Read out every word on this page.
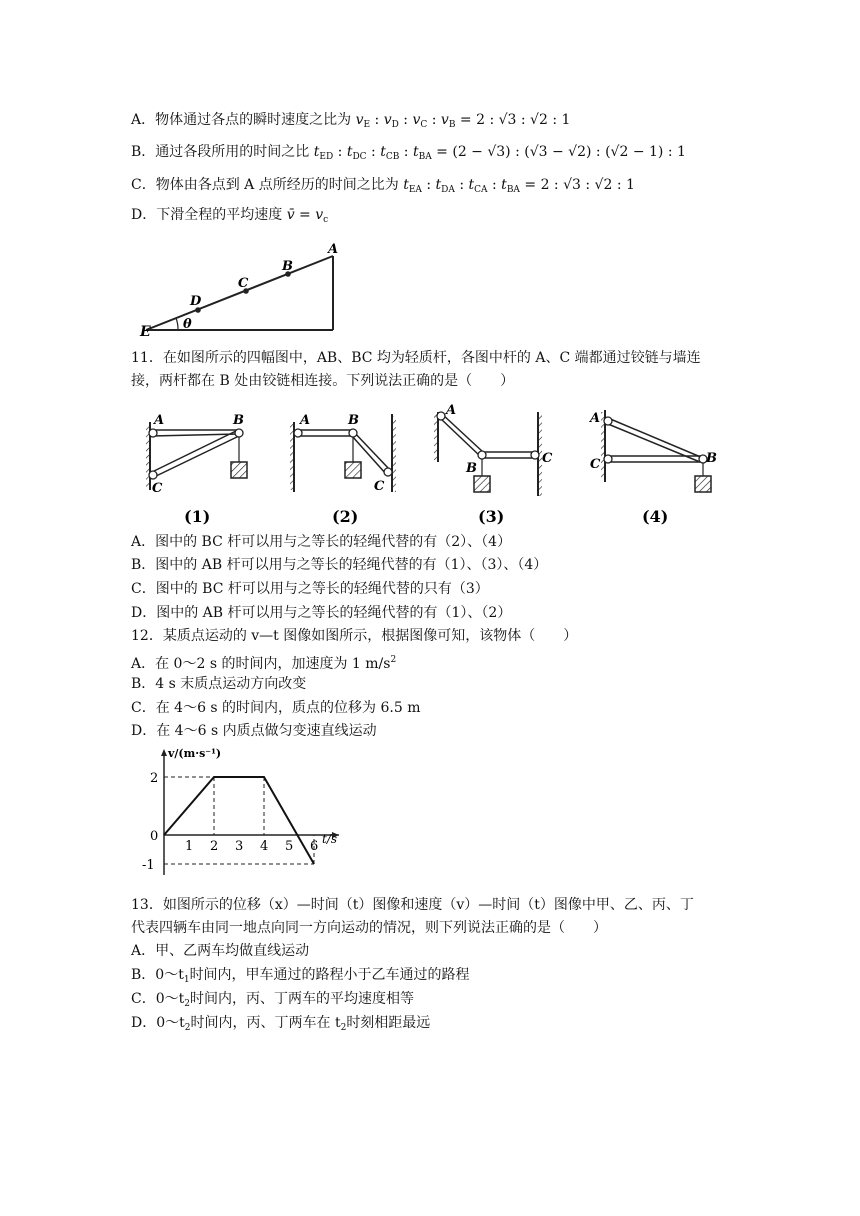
A．物体通过各点的瞬时速度之比为 $v_E$ : $v_D$ : $v_C$ : $v_B = 2$ : √3 : √2 : 1
B．通过各段所用的时间之比 $t_{ED}$ : $t_{DC}$ : $t_{CB}$ : $t_{BA} = (2 - √3)$ : (√3 − √2) : (√2 − 1) : 1
C．物体由各点到 A 点所经历的时间之比为 $t_{EA}$ : $t_{DA}$ : $t_{CA}$ : $t_{BA} = 2$ : √3 : √2 : 1
D．下滑全程的平均速度 v̄ = $v_c$
E θ
D
C
B
A
11．在如图所示的四幅图中，AB、BC 均为轻质杆，各图中杆的 A、C 端都通过铰链与墙连
接，两杆都在 B 处由铰链相连接。下列说法正确的是（　　）
A
C
B
(1)
A	B
C
(2)
A
B
C
(3)
A
C	B
(4)
A．图中的 BC 杆可以用与之等长的轻绳代替的有（2）、（4）
B．图中的 AB 杆可以用与之等长的轻绳代替的有（1）、（3）、（4）
C．图中的 BC 杆可以用与之等长的轻绳代替的只有（3）
D．图中的 AB 杆可以用与之等长的轻绳代替的有（1）、（2）
12．某质点运动的 v—t 图像如图所示，根据图像可知，该物体（　　）
A．在 0～2 s 的时间内，加速度为 1 $m/s^2$
B．4 s 末质点运动方向改变
C．在 4～6 s 的时间内，质点的位移为 6.5 m
D．在 4～6 s 内质点做匀变速直线运动
1 2 3 4 5 6
2
0
-1
v/(m·s⁻¹)
t/s
13．如图所示的位移（x）—时间（t）图像和速度（v）—时间（t）图像中甲、乙、丙、丁
代表四辆车由同一地点向同一方向运动的情况，则下列说法正确的是（　　）
A．甲、乙两车均做直线运动
B．$0\sim t_1$时间内，甲车通过的路程小于乙车通过的路程
C．$0\sim t_2$时间内，丙、丁两车的平均速度相等
D．$0\sim t_2$时间内，丙、丁两车在 $t_2$时刻相距最远
